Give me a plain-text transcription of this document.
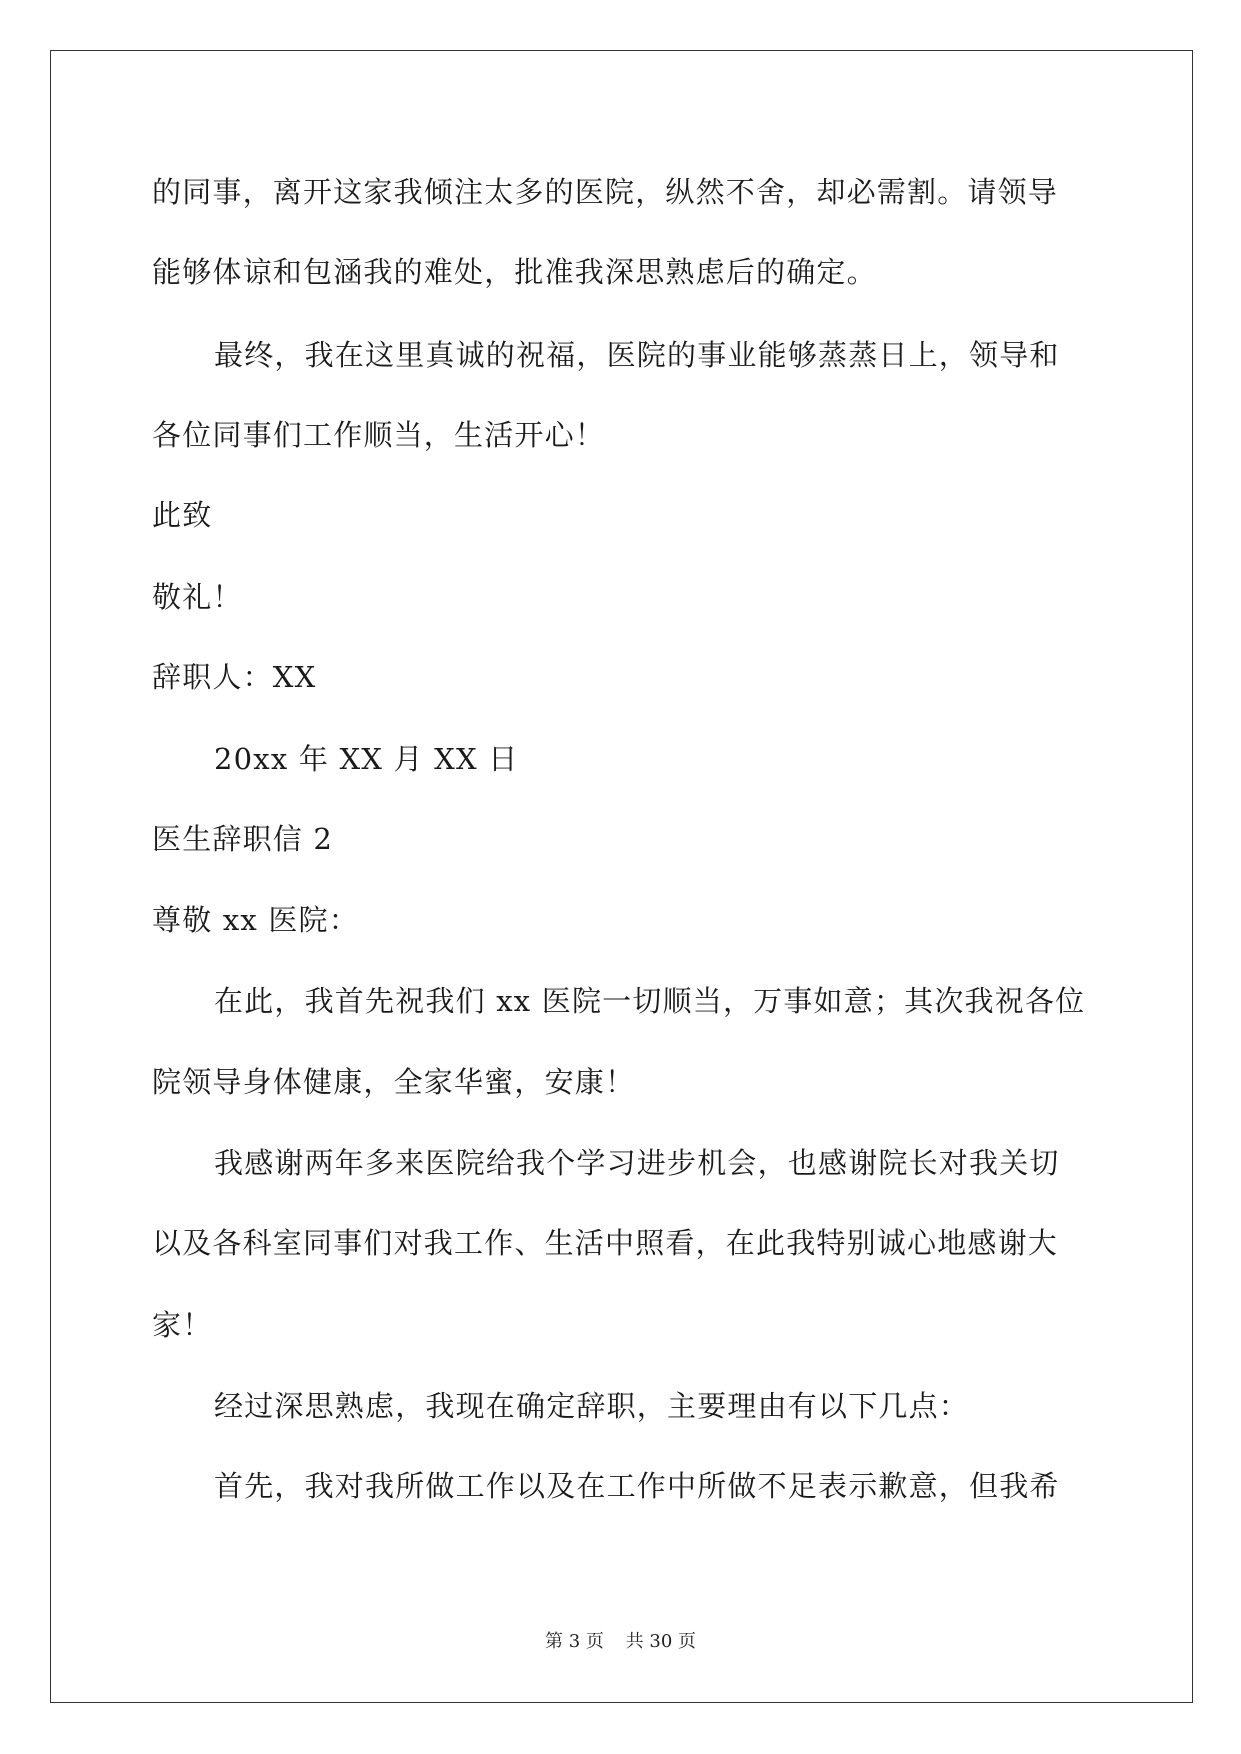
的同事，离开这家我倾注太多的医院，纵然不舍，却必需割。请领导
能够体谅和包涵我的难处，批准我深思熟虑后的确定。
最终，我在这里真诚的祝福，医院的事业能够蒸蒸日上，领导和
各位同事们工作顺当，生活开心！
此致
敬礼！
辞职人：XX
20xx 年 XX 月 XX 日
医生辞职信 2
尊敬 xx 医院：
在此，我首先祝我们 xx 医院一切顺当，万事如意；其次我祝各位
院领导身体健康，全家华蜜，安康！
我感谢两年多来医院给我个学习进步机会，也感谢院长对我关切
以及各科室同事们对我工作、生活中照看，在此我特别诚心地感谢大
家！
经过深思熟虑，我现在确定辞职，主要理由有以下几点：
首先，我对我所做工作以及在工作中所做不足表示歉意，但我希
第 3 页 共 30 页
